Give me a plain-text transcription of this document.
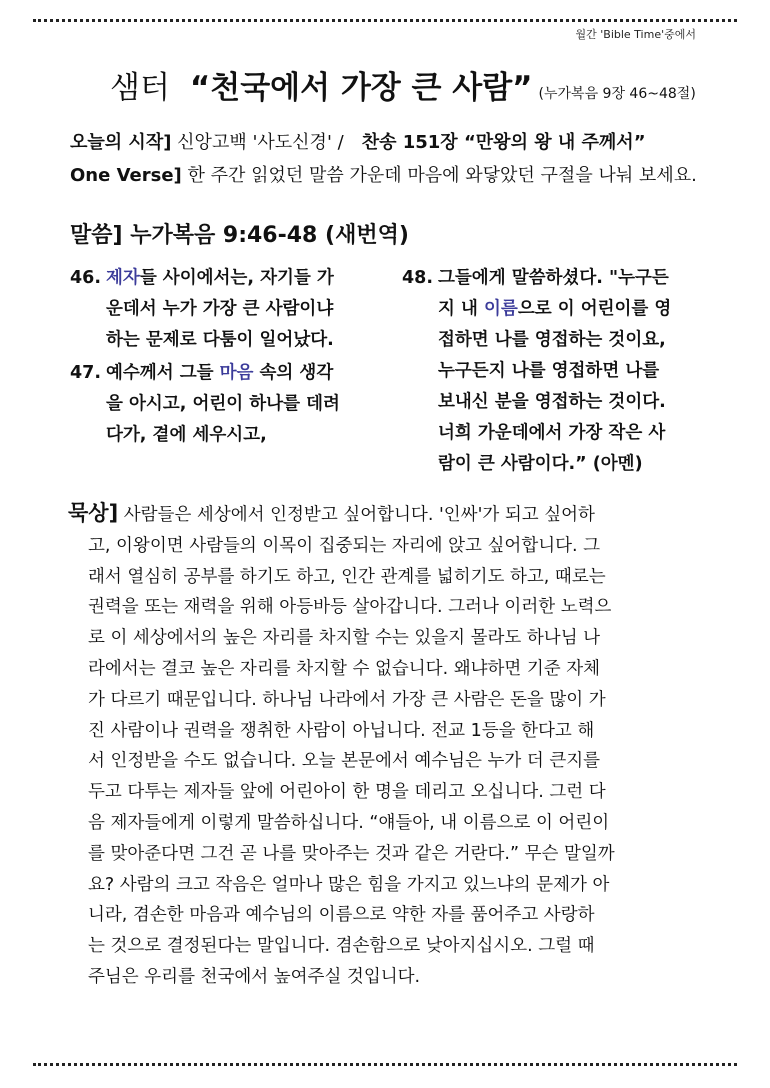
월간 'Bible Time'중에서
샘터 “천국에서 가장 큰 사람” (누가복음 9장 46~48절)
오늘의 시작] 신앙고백 '사도신경' / 찬송 151장 “만왕의 왕 내 주께서”
One Verse] 한 주간 읽었던 말씀 가운데 마음에 와닿았던 구절을 나눠 보세요.
말씀] 누가복음 9:46-48 (새번역)
46. 제자들 사이에서는, 자기들 가
운데서 누가 가장 큰 사람이냐
하는 문제로 다툼이 일어났다.
47. 예수께서 그들 마음 속의 생각
을 아시고, 어린이 하나를 데려
다가, 곁에 세우시고,
48. 그들에게 말씀하셨다. "누구든
지 내 이름으로 이 어린이를 영
접하면 나를 영접하는 것이요,
누구든지 나를 영접하면 나를
보내신 분을 영접하는 것이다.
너희 가운데에서 가장 작은 사
람이 큰 사람이다.” (아멘)
묵상] 사람들은 세상에서 인정받고 싶어합니다. '인싸'가 되고 싶어하
고, 이왕이면 사람들의 이목이 집중되는 자리에 앉고 싶어합니다. 그
래서 열심히 공부를 하기도 하고, 인간 관계를 넓히기도 하고, 때로는
권력을 또는 재력을 위해 아등바등 살아갑니다. 그러나 이러한 노력으
로 이 세상에서의 높은 자리를 차지할 수는 있을지 몰라도 하나님 나
라에서는 결코 높은 자리를 차지할 수 없습니다. 왜냐하면 기준 자체
가 다르기 때문입니다. 하나님 나라에서 가장 큰 사람은 돈을 많이 가
진 사람이나 권력을 쟁취한 사람이 아닙니다. 전교 1등을 한다고 해
서 인정받을 수도 없습니다. 오늘 본문에서 예수님은 누가 더 큰지를
두고 다투는 제자들 앞에 어린아이 한 명을 데리고 오십니다. 그런 다
음 제자들에게 이렇게 말씀하십니다. “얘들아, 내 이름으로 이 어린이
를 맞아준다면 그건 곧 나를 맞아주는 것과 같은 거란다.” 무슨 말일까
요? 사람의 크고 작음은 얼마나 많은 힘을 가지고 있느냐의 문제가 아
니라, 겸손한 마음과 예수님의 이름으로 약한 자를 품어주고 사랑하
는 것으로 결정된다는 말입니다. 겸손함으로 낮아지십시오. 그럴 때
주님은 우리를 천국에서 높여주실 것입니다.
